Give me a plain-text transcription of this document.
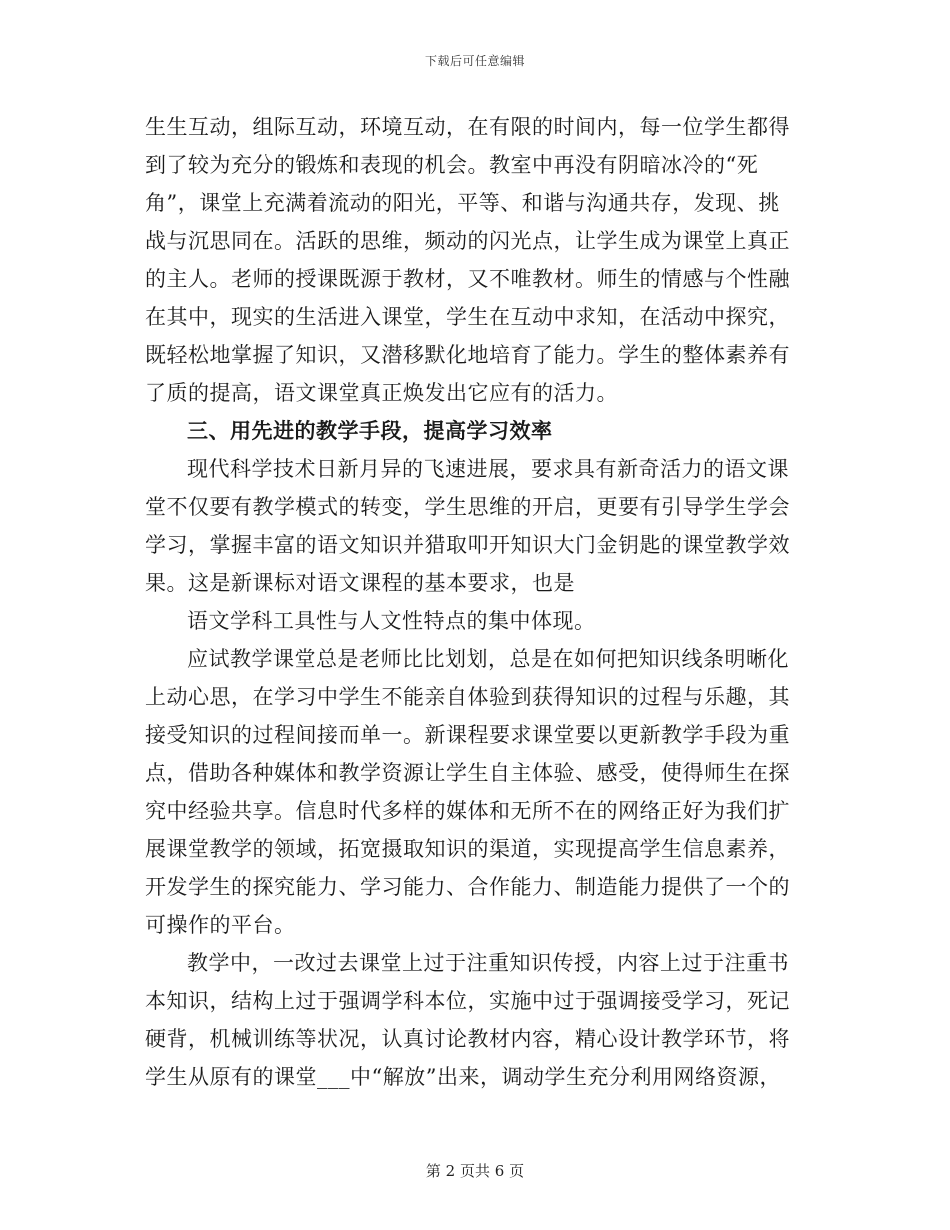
下载后可任意编辑
生生互动，组际互动，环境互动，在有限的时间内，每一位学生都得
到了较为充分的锻炼和表现的机会。教室中再没有阴暗冰冷的“死
角”，课堂上充满着流动的阳光，平等、和谐与沟通共存，发现、挑
战与沉思同在。活跃的思维，频动的闪光点，让学生成为课堂上真正
的主人。老师的授课既源于教材，又不唯教材。师生的情感与个性融
在其中，现实的生活进入课堂，学生在互动中求知，在活动中探究，
既轻松地掌握了知识，又潜移默化地培育了能力。学生的整体素养有
了质的提高，语文课堂真正焕发出它应有的活力。
三、用先进的教学手段，提高学习效率
现代科学技术日新月异的飞速进展，要求具有新奇活力的语文课
堂不仅要有教学模式的转变，学生思维的开启，更要有引导学生学会
学习，掌握丰富的语文知识并猎取叩开知识大门金钥匙的课堂教学效
果。这是新课标对语文课程的基本要求，也是
语文学科工具性与人文性特点的集中体现。
应试教学课堂总是老师比比划划，总是在如何把知识线条明晰化
上动心思，在学习中学生不能亲自体验到获得知识的过程与乐趣，其
接受知识的过程间接而单一。新课程要求课堂要以更新教学手段为重
点，借助各种媒体和教学资源让学生自主体验、感受，使得师生在探
究中经验共享。信息时代多样的媒体和无所不在的网络正好为我们扩
展课堂教学的领域，拓宽摄取知识的渠道，实现提高学生信息素养，
开发学生的探究能力、学习能力、合作能力、制造能力提供了一个的
可操作的平台。
教学中，一改过去课堂上过于注重知识传授，内容上过于注重书
本知识，结构上过于强调学科本位，实施中过于强调接受学习，死记
硬背，机械训练等状况，认真讨论教材内容，精心设计教学环节，将
学生从原有的课堂___中“解放”出来，调动学生充分利用网络资源，
第 2 页共 6 页
